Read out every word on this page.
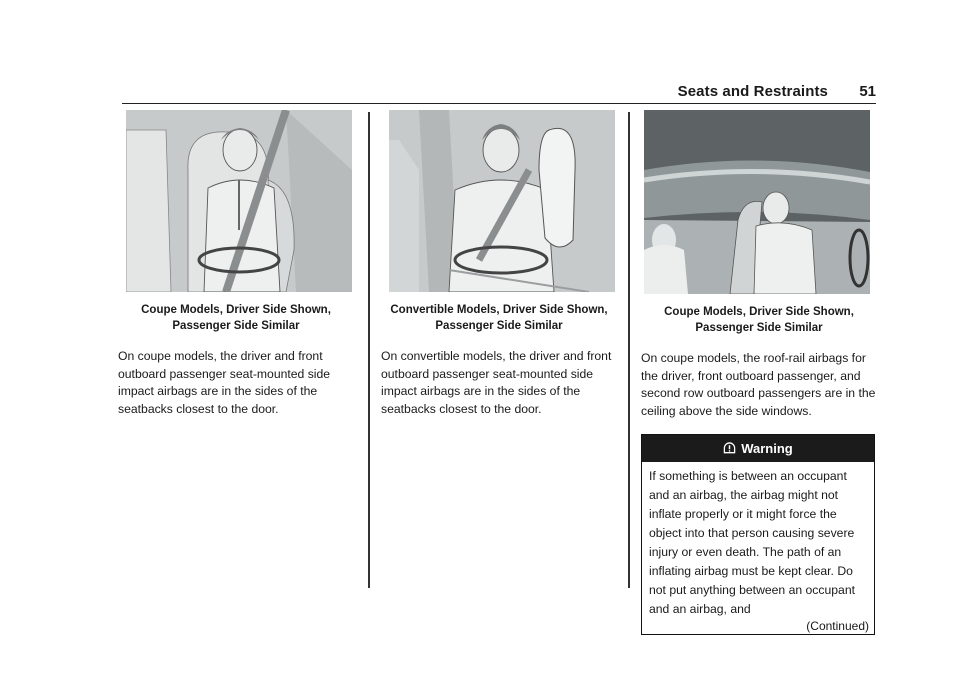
Seats and Restraints 51
Coupe Models, Driver Side Shown, Passenger Side Similar
On coupe models, the driver and front outboard passenger seat-mounted side impact airbags are in the sides of the seatbacks closest to the door.
Convertible Models, Driver Side Shown, Passenger Side Similar
On convertible models, the driver and front outboard passenger seat-mounted side impact airbags are in the sides of the seatbacks closest to the door.
Coupe Models, Driver Side Shown, Passenger Side Similar
On coupe models, the roof-rail airbags for the driver, front outboard passenger, and second row outboard passengers are in the ceiling above the side windows.
Warning
If something is between an occupant and an airbag, the airbag might not inflate properly or it might force the object into that person causing severe injury or even death. The path of an inflating airbag must be kept clear. Do not put anything between an occupant and an airbag, and
(Continued)
